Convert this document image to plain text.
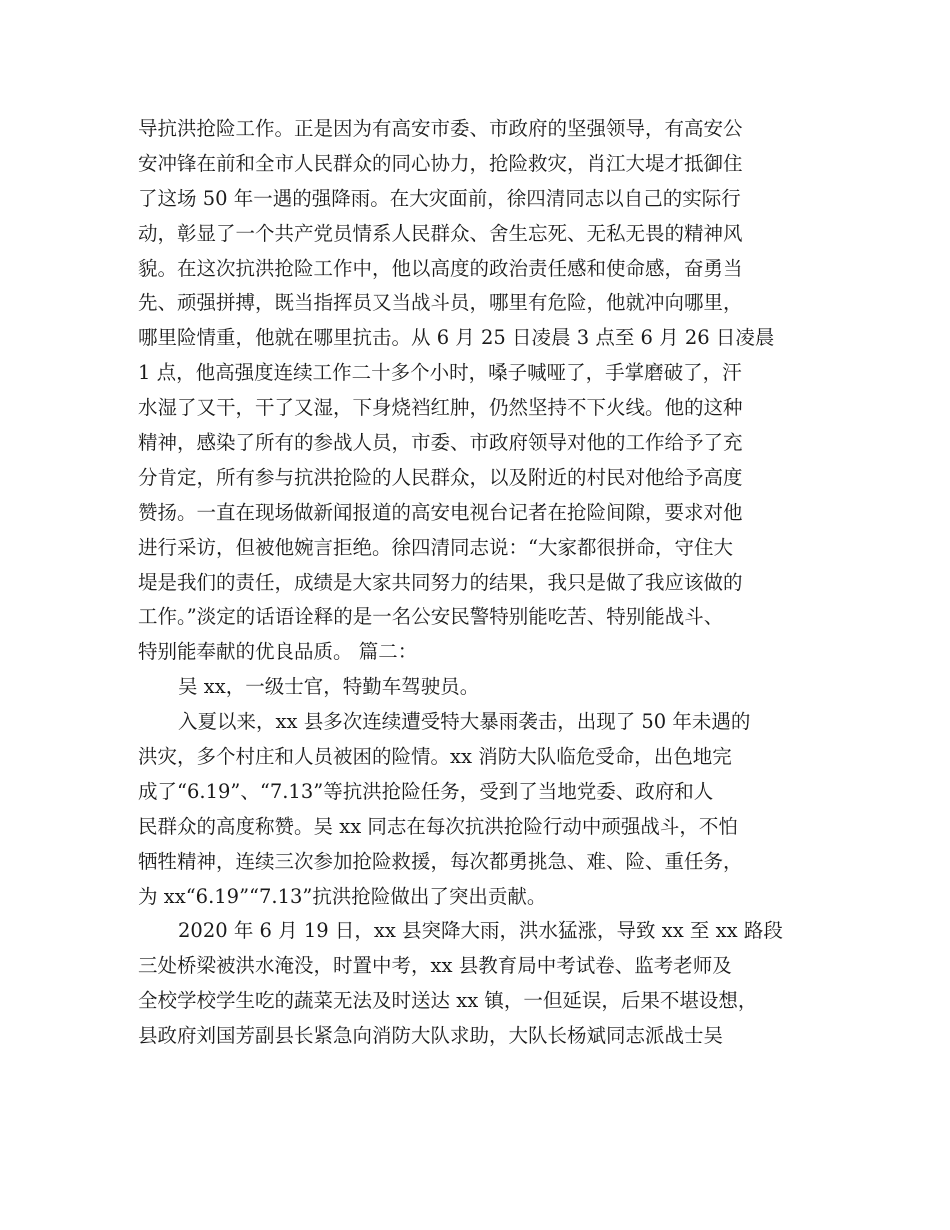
导抗洪抢险工作。正是因为有高安市委、市政府的坚强领导，有高安公
安冲锋在前和全市人民群众的同心协力，抢险救灾，肖江大堤才抵御住
了这场 50 年一遇的强降雨。在大灾面前，徐四清同志以自己的实际行
动，彰显了一个共产党员情系人民群众、舍生忘死、无私无畏的精神风
貌。在这次抗洪抢险工作中，他以高度的政治责任感和使命感，奋勇当
先、顽强拼搏，既当指挥员又当战斗员，哪里有危险，他就冲向哪里，
哪里险情重，他就在哪里抗击。从 6 月 25 日凌晨 3 点至 6 月 26 日凌晨
1 点，他高强度连续工作二十多个小时，嗓子喊哑了，手掌磨破了，汗
水湿了又干，干了又湿，下身烧裆红肿，仍然坚持不下火线。他的这种
精神，感染了所有的参战人员，市委、市政府领导对他的工作给予了充
分肯定，所有参与抗洪抢险的人民群众，以及附近的村民对他给予高度
赞扬。一直在现场做新闻报道的高安电视台记者在抢险间隙，要求对他
进行采访，但被他婉言拒绝。徐四清同志说：“大家都很拼命，守住大
堤是我们的责任，成绩是大家共同努力的结果，我只是做了我应该做的
工作。”淡定的话语诠释的是一名公安民警特别能吃苦、特别能战斗、
特别能奉献的优良品质。 篇二：
吴 xx，一级士官，特勤车驾驶员。
入夏以来，xx 县多次连续遭受特大暴雨袭击，出现了 50 年未遇的
洪灾，多个村庄和人员被困的险情。xx 消防大队临危受命，出色地完
成了“6.19”、“7.13”等抗洪抢险任务，受到了当地党委、政府和人
民群众的高度称赞。吴 xx 同志在每次抗洪抢险行动中顽强战斗，不怕
牺牲精神，连续三次参加抢险救援，每次都勇挑急、难、险、重任务，
为 xx“6.19”“7.13”抗洪抢险做出了突出贡献。
2020 年 6 月 19 日，xx 县突降大雨，洪水猛涨，导致 xx 至 xx 路段
三处桥梁被洪水淹没，时置中考，xx 县教育局中考试卷、监考老师及
全校学校学生吃的蔬菜无法及时送达 xx 镇，一但延误，后果不堪设想，
县政府刘国芳副县长紧急向消防大队求助，大队长杨斌同志派战士吴
